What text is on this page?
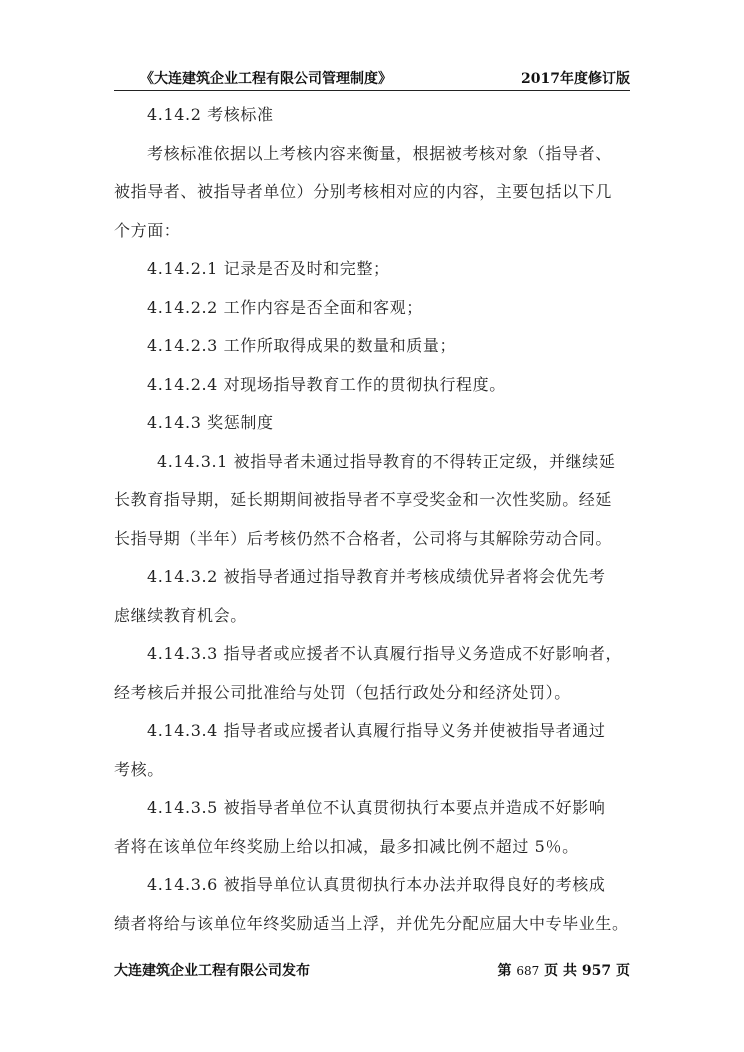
《大连建筑企业工程有限公司管理制度》	2017年度修订版
4.14.2 考核标准
考核标准依据以上考核内容来衡量，根据被考核对象（指导者、
被指导者、被指导者单位）分别考核相对应的内容，主要包括以下几
个方面：
4.14.2.1 记录是否及时和完整；
4.14.2.2 工作内容是否全面和客观；
4.14.2.3 工作所取得成果的数量和质量；
4.14.2.4 对现场指导教育工作的贯彻执行程度。
4.14.3 奖惩制度
4.14.3.1 被指导者未通过指导教育的不得转正定级，并继续延
长教育指导期，延长期期间被指导者不享受奖金和一次性奖励。经延
长指导期（半年）后考核仍然不合格者，公司将与其解除劳动合同。
4.14.3.2 被指导者通过指导教育并考核成绩优异者将会优先考
虑继续教育机会。
4.14.3.3 指导者或应援者不认真履行指导义务造成不好影响者，
经考核后并报公司批准给与处罚（包括行政处分和经济处罚）。
4.14.3.4 指导者或应援者认真履行指导义务并使被指导者通过
考核。
4.14.3.5 被指导者单位不认真贯彻执行本要点并造成不好影响
者将在该单位年终奖励上给以扣减，最多扣减比例不超过 5％。
4.14.3.6 被指导单位认真贯彻执行本办法并取得良好的考核成
绩者将给与该单位年终奖励适当上浮，并优先分配应届大中专毕业生。
大连建筑企业工程有限公司发布	第 687 页 共 957 页
